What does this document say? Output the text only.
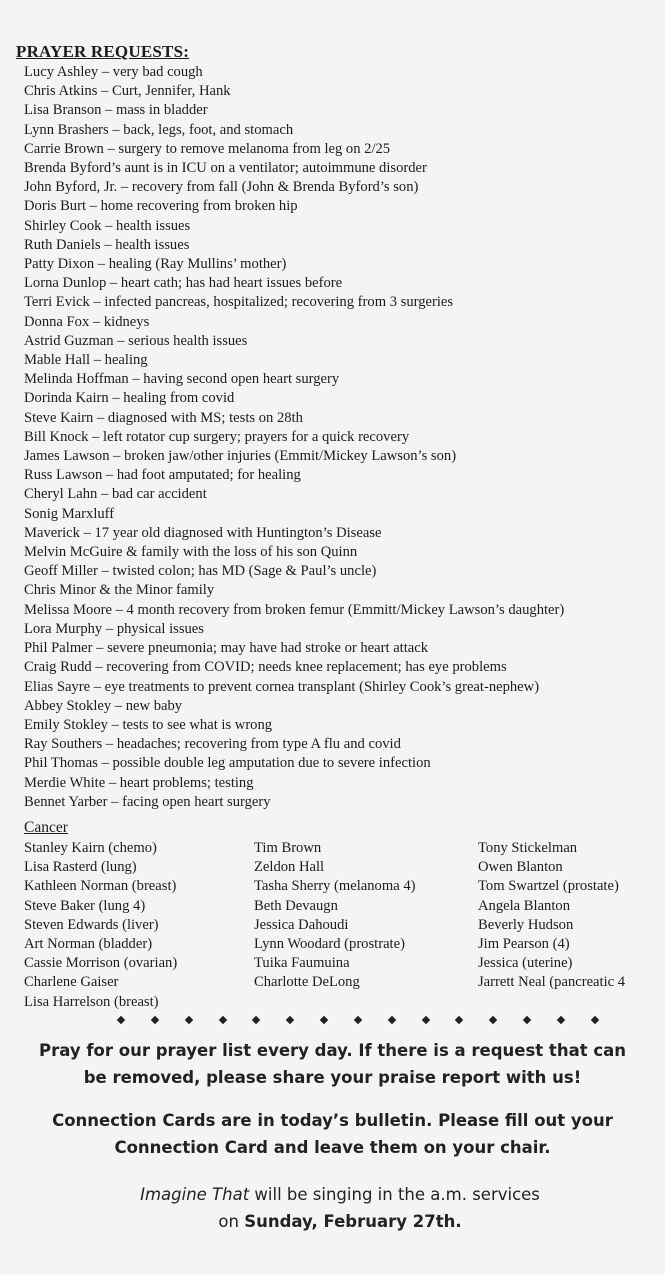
PRAYER REQUESTS:
Lucy Ashley – very bad cough
Chris Atkins – Curt, Jennifer, Hank
Lisa Branson – mass in bladder
Lynn Brashers – back, legs, foot, and stomach
Carrie Brown – surgery to remove melanoma from leg on 2/25
Brenda Byford’s aunt is in ICU on a ventilator; autoimmune disorder
John Byford, Jr. – recovery from fall (John & Brenda Byford’s son)
Doris Burt – home recovering from broken hip
Shirley Cook – health issues
Ruth Daniels – health issues
Patty Dixon – healing (Ray Mullins’ mother)
Lorna Dunlop – heart cath; has had heart issues before
Terri Evick – infected pancreas, hospitalized; recovering from 3 surgeries
Donna Fox – kidneys
Astrid Guzman – serious health issues
Mable Hall – healing
Melinda Hoffman – having second open heart surgery
Dorinda Kairn – healing from covid
Steve Kairn – diagnosed with MS; tests on 28th
Bill Knock – left rotator cup surgery; prayers for a quick recovery
James Lawson – broken jaw/other injuries (Emmit/Mickey Lawson’s son)
Russ Lawson – had foot amputated; for healing
Cheryl Lahn – bad car accident
Sonig Marxluff
Maverick – 17 year old diagnosed with Huntington’s Disease
Melvin McGuire & family with the loss of his son Quinn
Geoff Miller – twisted colon; has MD (Sage & Paul’s uncle)
Chris Minor & the Minor family
Melissa Moore – 4 month recovery from broken femur (Emmitt/Mickey Lawson’s daughter)
Lora Murphy – physical issues
Phil Palmer – severe pneumonia; may have had stroke or heart attack
Craig Rudd – recovering from COVID; needs knee replacement; has eye problems
Elias Sayre – eye treatments to prevent cornea transplant (Shirley Cook’s great-nephew)
Abbey Stokley – new baby
Emily Stokley – tests to see what is wrong
Ray Southers – headaches; recovering from type A flu and covid
Phil Thomas – possible double leg amputation due to severe infection
Merdie White – heart problems; testing
Bennet Yarber – facing open heart surgery
Cancer
Stanley Kairn (chemo)
Lisa Rasterd (lung)
Kathleen Norman (breast)
Steve Baker (lung 4)
Steven Edwards (liver)
Art Norman (bladder)
Cassie Morrison (ovarian)
Charlene Gaiser
Lisa Harrelson (breast)
Tim Brown
Zeldon Hall
Tasha Sherry (melanoma 4)
Beth Devaugn
Jessica Dahoudi
Lynn Woodard (prostrate)
Tuika Faumuina
Charlotte DeLong
Tony Stickelman
Owen Blanton
Tom Swartzel (prostate)
Angela Blanton
Beverly Hudson
Jim Pearson (4)
Jessica (uterine)
Jarrett Neal (pancreatic 4
Pray for our prayer list every day. If there is a request that can
be removed, please share your praise report with us!
Connection Cards are in today’s bulletin. Please fill out your
Connection Card and leave them on your chair.

Imagine That will be singing in the a.m. services

on Sunday, February 27th.
